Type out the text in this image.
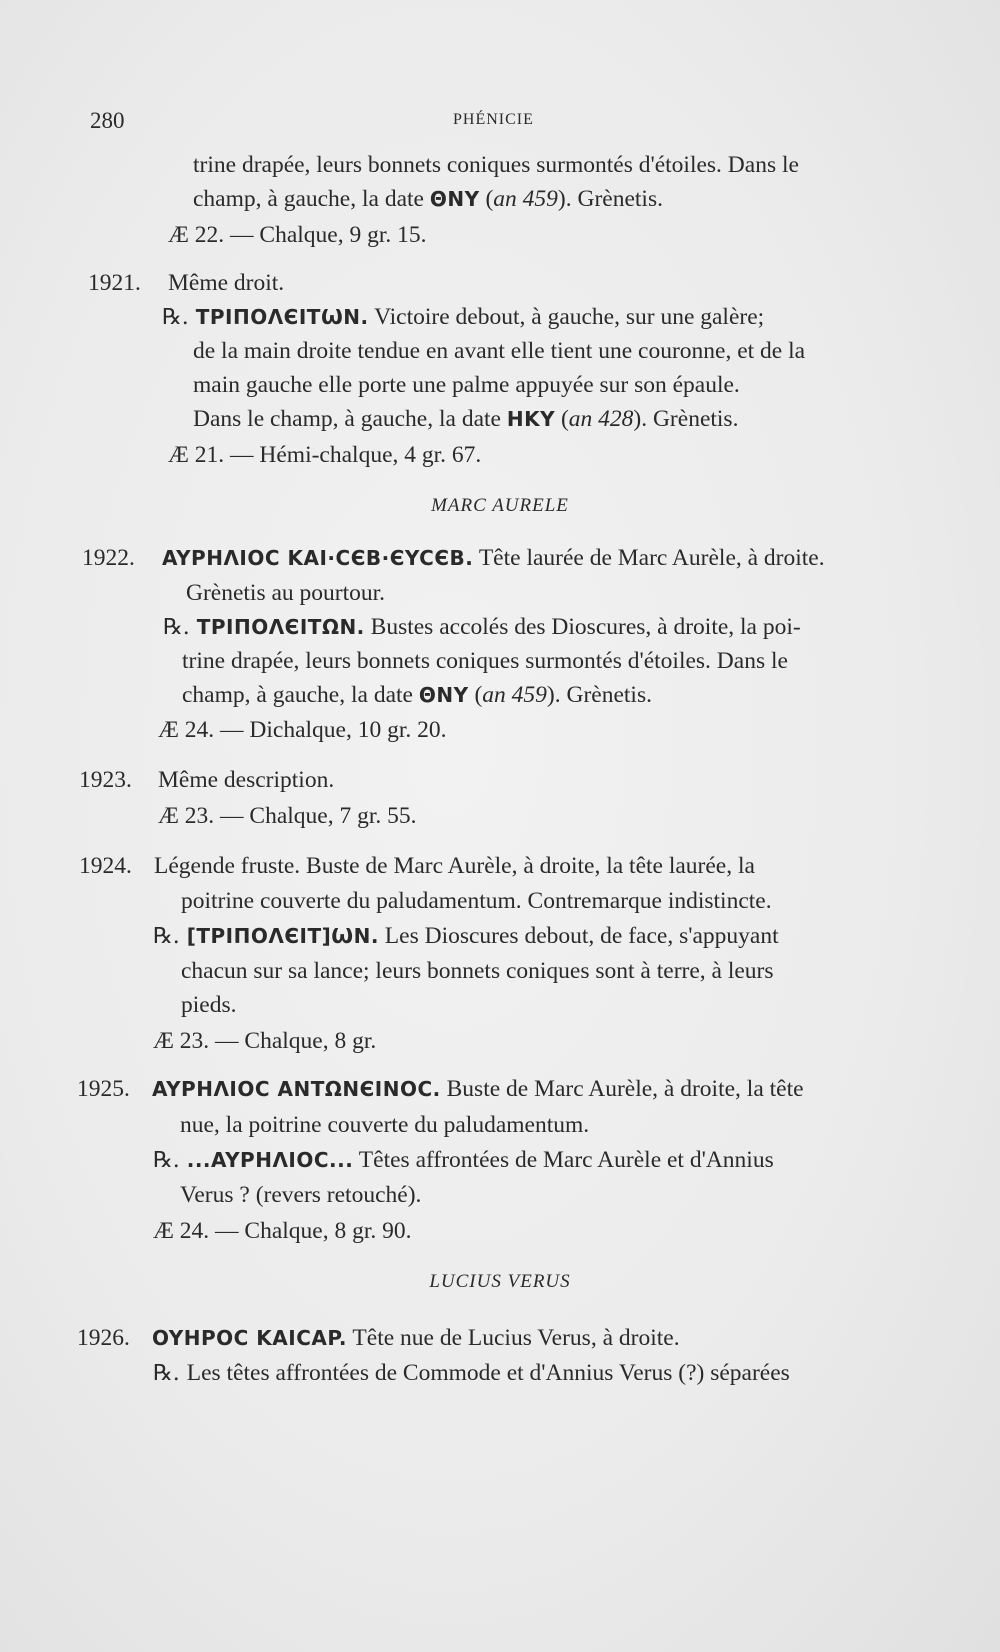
280	PHÉNICIE
trine drapée, leurs bonnets coniques surmontés d'étoiles. Dans le
champ, à gauche, la date ΘNY (an 459). Grènetis.
Æ 22. — Chalque, 9 gr. 15.
1921. Même droit.
℞. TPIΠOΛЄITѠN. Victoire debout, à gauche, sur une galère;
de la main droite tendue en avant elle tient une couronne, et de la
main gauche elle porte une palme appuyée sur son épaule.
Dans le champ, à gauche, la date HKY (an 428). Grènetis.
Æ 21. — Hémi-chalque, 4 gr. 67.
MARC AURELE
1922. AYPHΛIOC KAI·CЄB·ЄYCЄB. Tête laurée de Marc Aurèle, à droite.
Grènetis au pourtour.
℞. TPIΠOΛЄITΩN. Bustes accolés des Dioscures, à droite, la poi-
trine drapée, leurs bonnets coniques surmontés d'étoiles. Dans le
champ, à gauche, la date ΘNY (an 459). Grènetis.
Æ 24. — Dichalque, 10 gr. 20.
1923. Même description.
Æ 23. — Chalque, 7 gr. 55.
1924. Légende fruste. Buste de Marc Aurèle, à droite, la tête laurée, la
poitrine couverte du paludamentum. Contremarque indistincte.
℞. [TPIΠOΛЄIT]ѠN. Les Dioscures debout, de face, s'appuyant
chacun sur sa lance; leurs bonnets coniques sont à terre, à leurs
pieds.
Æ 23. — Chalque, 8 gr.
1925. AYPHΛIOC ANTΩNЄINOC. Buste de Marc Aurèle, à droite, la tête
nue, la poitrine couverte du paludamentum.
℞. ...AYPHΛIOC... Têtes affrontées de Marc Aurèle et d'Annius
Verus ? (revers retouché).
Æ 24. — Chalque, 8 gr. 90.
LUCIUS VERUS
1926. OYHPOC KAICAP. Tête nue de Lucius Verus, à droite.
℞. Les têtes affrontées de Commode et d'Annius Verus (?) séparées
